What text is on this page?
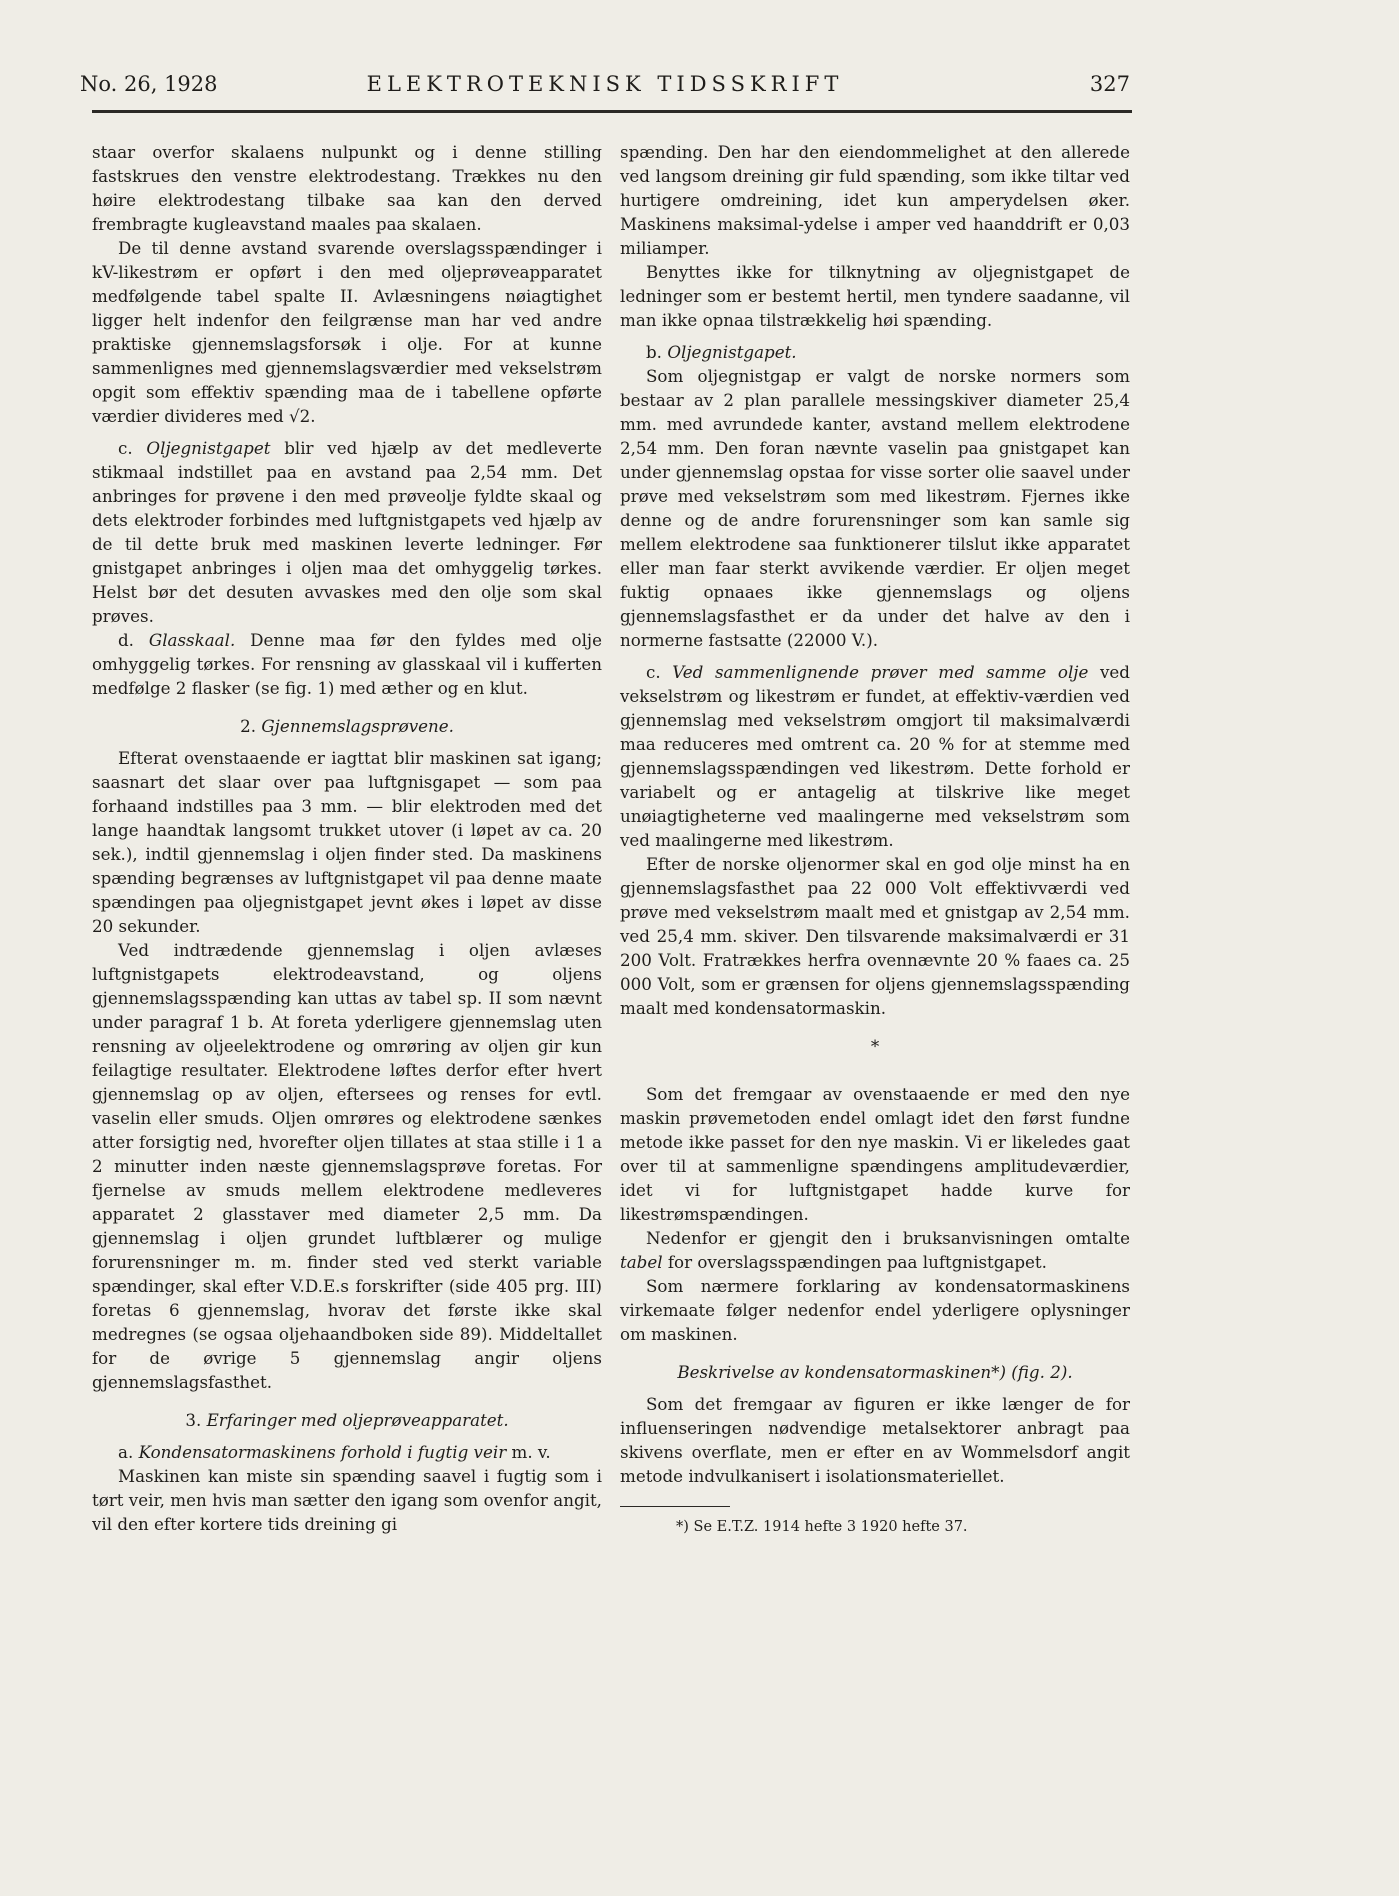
No. 26, 1928	ELEKTROTEKNISK TIDSSKRIFT	327

staar overfor skalaens nulpunkt og i denne stilling fastskrues den venstre elektrodestang. Trækkes nu den høire elektrodestang tilbake saa kan den derved frembragte kugleavstand maales paa skalaen.

De til denne avstand svarende overslagsspændinger i kV-likestrøm er opført i den med oljeprøveapparatet medfølgende tabel spalte II. Avlæsningens nøiagtighet ligger helt indenfor den feilgrænse man har ved andre praktiske gjennemslagsforsøk i olje. For at kunne sammenlignes med gjennemslagsværdier med vekselstrøm opgit som effektiv spænding maa de i tabellene opførte værdier divideres med √2.

c. Oljegnistgapet blir ved hjælp av det medleverte stikmaal indstillet paa en avstand paa 2,54 mm. Det anbringes for prøvene i den med prøveolje fyldte skaal og dets elektroder forbindes med luftgnistgapets ved hjælp av de til dette bruk med maskinen leverte ledninger. Før gnistgapet anbringes i oljen maa det omhyggelig tørkes. Helst bør det desuten avvaskes med den olje som skal prøves.

d. Glasskaal. Denne maa før den fyldes med olje omhyggelig tørkes. For rensning av glasskaal vil i kufferten medfølge 2 flasker (se fig. 1) med æther og en klut.

2. Gjennemslagsprøvene.

Efterat ovenstaaende er iagttat blir maskinen sat igang; saasnart det slaar over paa luftgnisgapet — som paa forhaand indstilles paa 3 mm. — blir elektroden med det lange haandtak langsomt trukket utover (i løpet av ca. 20 sek.), indtil gjennemslag i oljen finder sted. Da maskinens spænding begrænses av luftgnistgapet vil paa denne maate spændingen paa oljegnistgapet jevnt økes i løpet av disse 20 sekunder.

Ved indtrædende gjennemslag i oljen avlæses luftgnistgapets elektrodeavstand, og oljens gjennemslagsspænding kan uttas av tabel sp. II som nævnt under paragraf 1 b. At foreta yderligere gjennemslag uten rensning av oljeelektrodene og omrøring av oljen gir kun feilagtige resultater. Elektrodene løftes derfor efter hvert gjennemslag op av oljen, eftersees og renses for evtl. vaselin eller smuds. Oljen omrøres og elektrodene sænkes atter forsigtig ned, hvorefter oljen tillates at staa stille i 1 a 2 minutter inden næste gjennemslagsprøve foretas. For fjernelse av smuds mellem elektrodene medleveres apparatet 2 glasstaver med diameter 2,5 mm. Da gjennemslag i oljen grundet luftblærer og mulige forurensninger m. m. finder sted ved sterkt variable spændinger, skal efter V.D.E.s forskrifter (side 405 prg. III) foretas 6 gjennemslag, hvorav det første ikke skal medregnes (se ogsaa oljehaandboken side 89). Middeltallet for de øvrige 5 gjennemslag angir oljens gjennemslagsfasthet.

3. Erfaringer med oljeprøveapparatet.

a. Kondensatormaskinens forhold i fugtig veir m. v.

Maskinen kan miste sin spænding saavel i fugtig som i tørt veir, men hvis man sætter den igang som ovenfor angit, vil den efter kortere tids dreining gi

spænding. Den har den eiendommelighet at den allerede ved langsom dreining gir fuld spænding, som ikke tiltar ved hurtigere omdreining, idet kun amperydelsen øker. Maskinens maksimal-ydelse i amper ved haanddrift er 0,03 miliamper.

Benyttes ikke for tilknytning av oljegnistgapet de ledninger som er bestemt hertil, men tyndere saadanne, vil man ikke opnaa tilstrækkelig høi spænding.

b. Oljegnistgapet.

Som oljegnistgap er valgt de norske normers som bestaar av 2 plan parallele messingskiver diameter 25,4 mm. med avrundede kanter, avstand mellem elektrodene 2,54 mm. Den foran nævnte vaselin paa gnistgapet kan under gjennemslag opstaa for visse sorter olie saavel under prøve med vekselstrøm som med likestrøm. Fjernes ikke denne og de andre forurensninger som kan samle sig mellem elektrodene saa funktionerer tilslut ikke apparatet eller man faar sterkt avvikende værdier. Er oljen meget fuktig opnaaes ikke gjennemslags og oljens gjennemslagsfasthet er da under det halve av den i normerne fastsatte (22000 V.).

c. Ved sammenlignende prøver med samme olje ved vekselstrøm og likestrøm er fundet, at effektiv-værdien ved gjennemslag med vekselstrøm omgjort til maksimalværdi maa reduceres med omtrent ca. 20 % for at stemme med gjennemslagsspændingen ved likestrøm. Dette forhold er variabelt og er antagelig at tilskrive like meget unøiagtigheterne ved maalingerne med vekselstrøm som ved maalingerne med likestrøm.

Efter de norske oljenormer skal en god olje minst ha en gjennemslagsfasthet paa 22 000 Volt effektivværdi ved prøve med vekselstrøm maalt med et gnistgap av 2,54 mm. ved 25,4 mm. skiver. Den tilsvarende maksimalværdi er 31 200 Volt. Fratrækkes herfra ovennævnte 20 % faaes ca. 25 000 Volt, som er grænsen for oljens gjennemslagsspænding maalt med kondensatormaskin.

*

Som det fremgaar av ovenstaaende er med den nye maskin prøvemetoden endel omlagt idet den først fundne metode ikke passet for den nye maskin. Vi er likeledes gaat over til at sammenligne spændingens amplitudeværdier, idet vi for luftgnistgapet hadde kurve for likestrømspændingen.

Nedenfor er gjengit den i bruksanvisningen omtalte tabel for overslagsspændingen paa luftgnistgapet.

Som nærmere forklaring av kondensatormaskinens virkemaate følger nedenfor endel yderligere oplysninger om maskinen.

Beskrivelse av kondensatormaskinen*) (fig. 2).

Som det fremgaar av figuren er ikke længer de for influenseringen nødvendige metalsektorer anbragt paa skivens overflate, men er efter en av Wommelsdorf angit metode indvulkanisert i isolationsmateriellet.

*) Se E.T.Z. 1914 hefte 3 1920 hefte 37.
